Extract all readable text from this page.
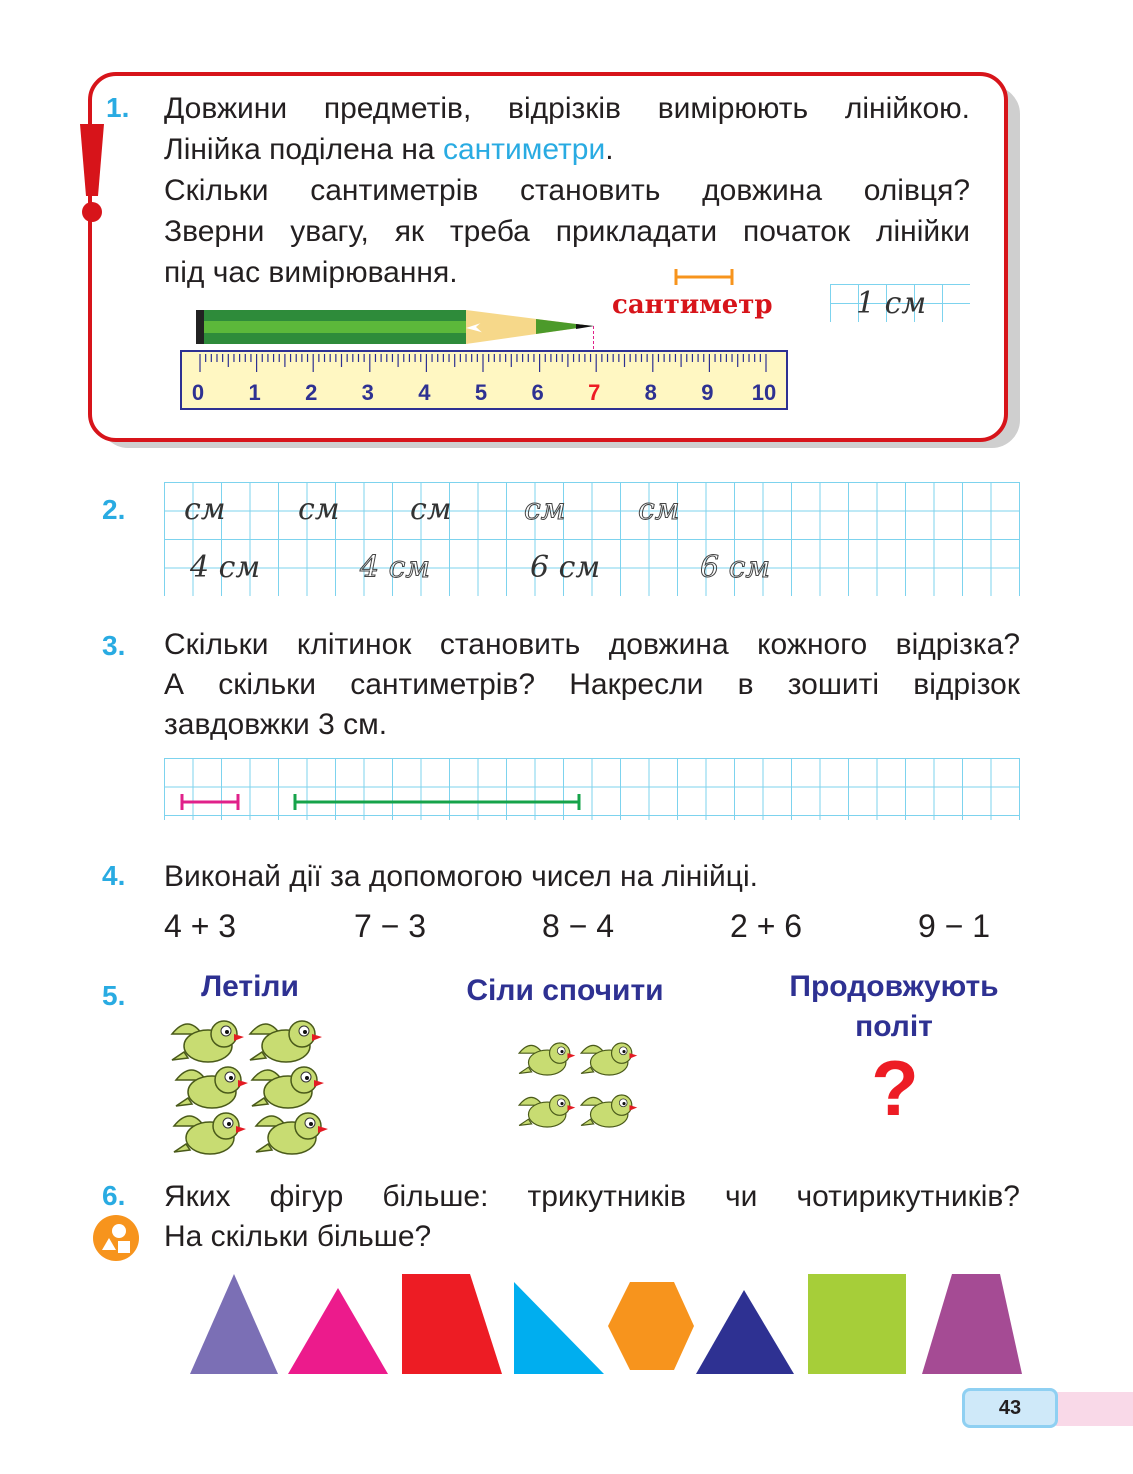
1. Довжини предметів, відрізків вимірюють лінійкою.
Лінійка поділена на сантиметри.
Скільки сантиметрів становить довжина олівця?
Зверни увагу, як треба прикладати початок лінійки
під час вимірювання.
сантиметр	1 см
0	1	2	3	4	5	6	7	8	9	10
2. см см см см см
4 см	4 см	6 см	6 см
3. Скільки клітинок становить довжина кожного відрізка?
А скільки сантиметрів? Накресли в зошиті відрізок
завдовжки 3 см.
4. Виконай дії за допомогою чисел на лінійці.
4 + 3	7 − 3	8 − 4	2 + 6	9 − 1
5.	Летіли	Сіли спочити	Продовжують
політ
?
6. Яких фігур більше: трикутників чи чотирикутників?
На скільки більше?
43
